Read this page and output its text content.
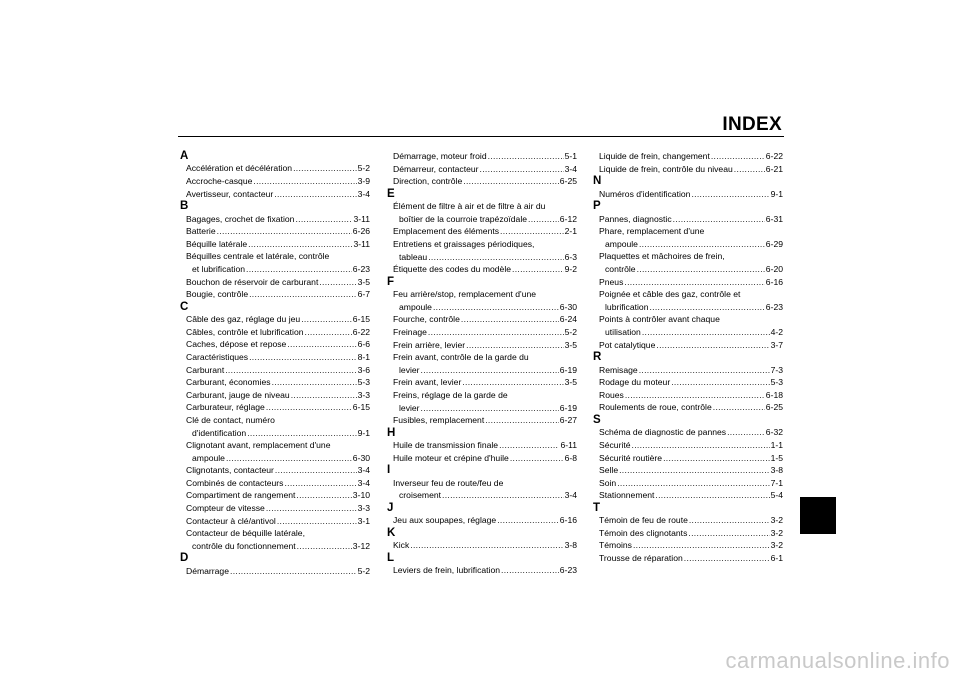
INDEX
A
Accélération et décélération .....	5-2
Accroche-casque .....	3-9
Avertisseur, contacteur .....	3-4
B
Bagages, crochet de fixation .....	3-11
Batterie .....	6-26
Béquille latérale .....	3-11
Béquilles centrale et latérale, contrôle
et lubrification .....	6-23
Bouchon de réservoir de carburant .....	3-5
Bougie, contrôle .....	6-7
C
Câble des gaz, réglage du jeu .....	6-15
Câbles, contrôle et lubrification .....	6-22
Caches, dépose et repose .....	6-6
Caractéristiques .....	8-1
Carburant .....	3-6
Carburant, économies .....	5-3
Carburant, jauge de niveau .....	3-3
Carburateur, réglage .....	6-15
Clé de contact, numéro
d'identification .....	9-1
Clignotant avant, remplacement d'une
ampoule .....	6-30
Clignotants, contacteur .....	3-4
Combinés de contacteurs .....	3-4
Compartiment de rangement .....	3-10
Compteur de vitesse .....	3-3
Contacteur à clé/antivol .....	3-1
Contacteur de béquille latérale,
contrôle du fonctionnement .....	3-12
D
Démarrage .....	5-2
Démarrage, moteur froid .....	5-1
Démarreur, contacteur .....	3-4
Direction, contrôle .....	6-25
E
Élément de filtre à air et de filtre à air du
boîtier de la courroie trapézoïdale .....	6-12
Emplacement des éléments .....	2-1
Entretiens et graissages périodiques,
tableau .....	6-3
Étiquette des codes du modèle .....	9-2
F
Feu arrière/stop, remplacement d'une
ampoule .....	6-30
Fourche, contrôle .....	6-24
Freinage .....	5-2
Frein arrière, levier .....	3-5
Frein avant, contrôle de la garde du
levier .....	6-19
Frein avant, levier .....	3-5
Freins, réglage de la garde de
levier .....	6-19
Fusibles, remplacement .....	6-27
H
Huile de transmission finale .....	6-11
Huile moteur et crépine d'huile .....	6-8
I
Inverseur feu de route/feu de
croisement .....	3-4
J
Jeu aux soupapes, réglage .....	6-16
K
Kick .....	3-8
L
Leviers de frein, lubrification .....	6-23
Liquide de frein, changement .....	6-22
Liquide de frein, contrôle du niveau .....	6-21
N
Numéros d'identification .....	9-1
P
Pannes, diagnostic .....	6-31
Phare, remplacement d'une
ampoule .....	6-29
Plaquettes et mâchoires de frein,
contrôle .....	6-20
Pneus .....	6-16
Poignée et câble des gaz, contrôle et
lubrification .....	6-23
Points à contrôler avant chaque
utilisation .....	4-2
Pot catalytique .....	3-7
R
Remisage .....	7-3
Rodage du moteur .....	5-3
Roues .....	6-18
Roulements de roue, contrôle .....	6-25
S
Schéma de diagnostic de pannes .....	6-32
Sécurité .....	1-1
Sécurité routière .....	1-5
Selle .....	3-8
Soin .....	7-1
Stationnement .....	5-4
T
Témoin de feu de route .....	3-2
Témoin des clignotants .....	3-2
Témoins .....	3-2
Trousse de réparation .....	6-1
carmanualsonline.info
